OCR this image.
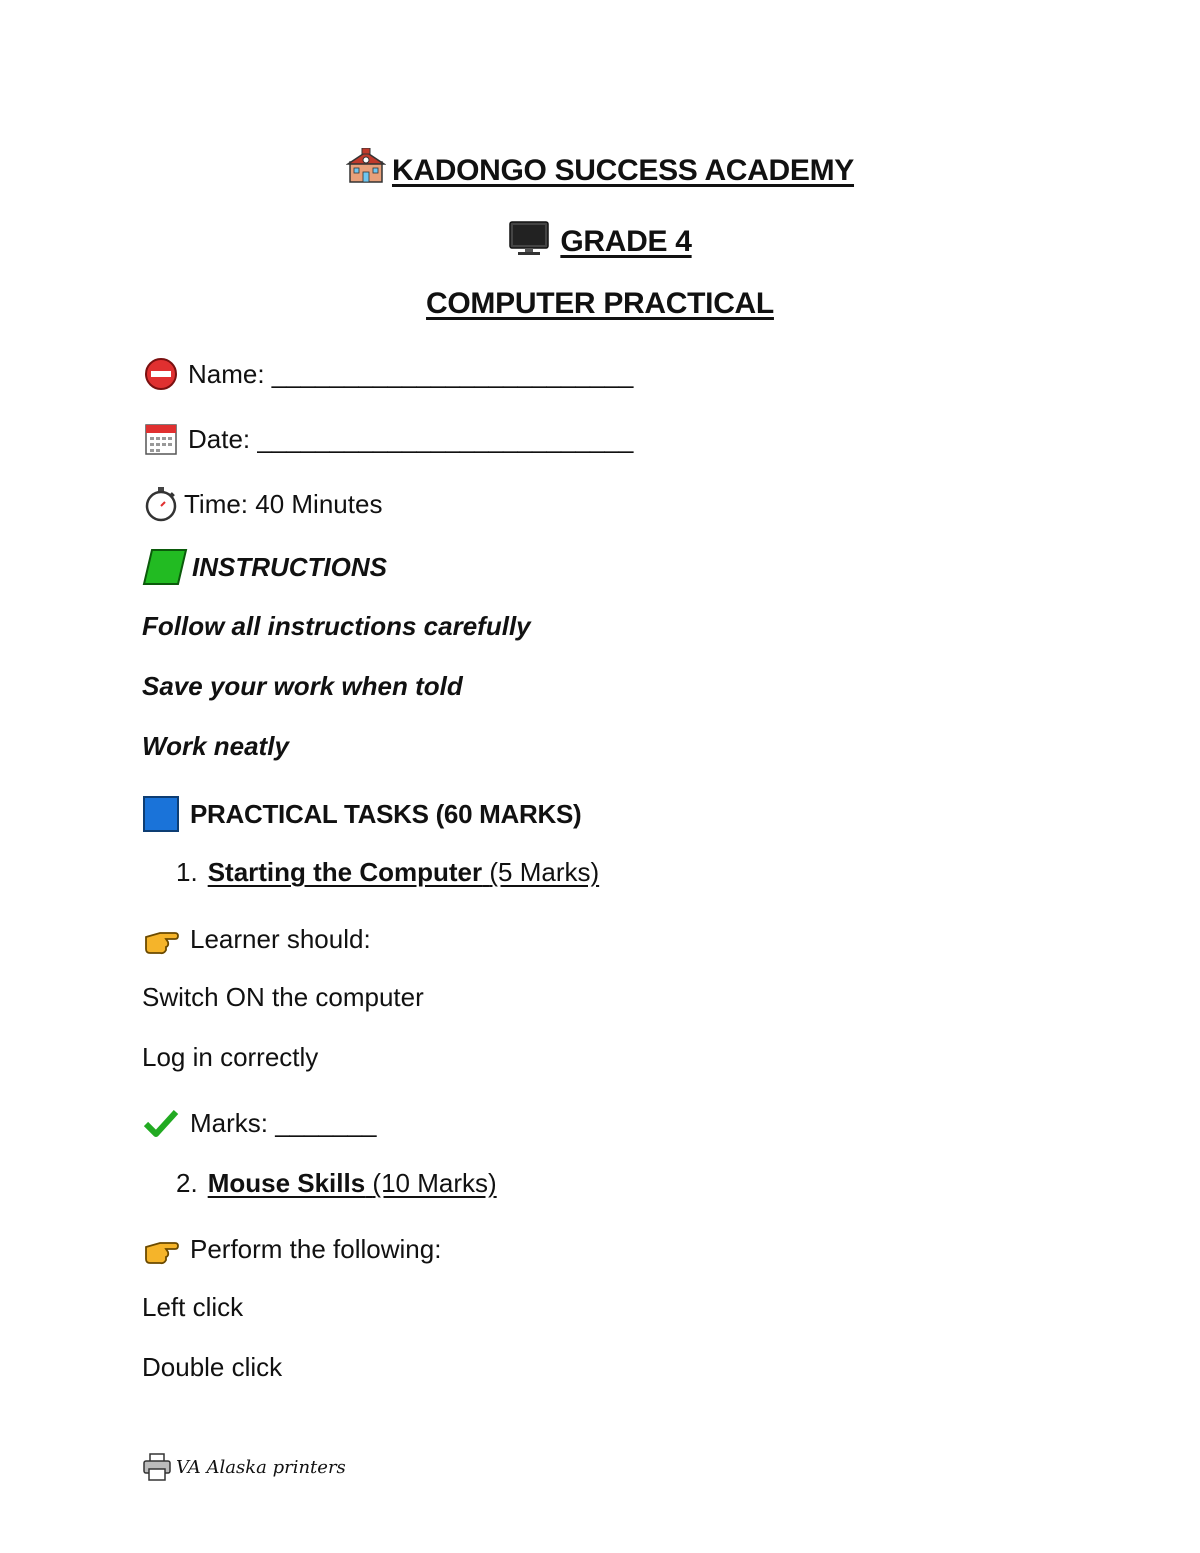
KADONGO SUCCESS ACADEMY
GRADE 4
COMPUTER PRACTICAL
Name: _________________________
Date: __________________________
Time: 40 Minutes
INSTRUCTIONS
Follow all instructions carefully
Save your work when told
Work neatly
PRACTICAL TASKS (60 MARKS)
1. Starting the Computer (5 Marks)
Learner should:
Switch ON the computer
Log in correctly
Marks: _______
2. Mouse Skills (10 Marks)
Perform the following:
Left click
Double click
VA Alaska printers
